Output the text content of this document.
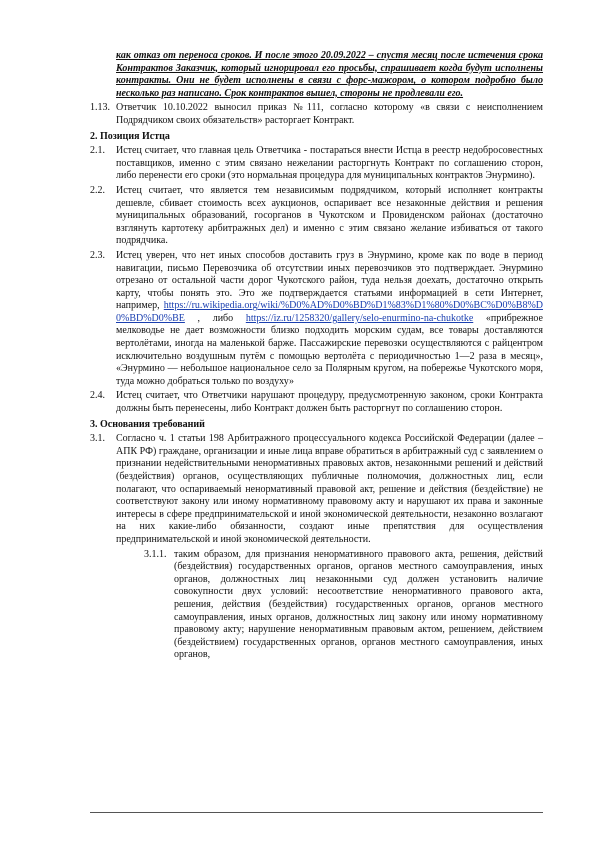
как отказ от переноса сроков. И после этого 20.09.2022 – спустя месяц после истечения срока Контрактов Заказчик, который игнорировал его просьбы, спрашивает когда будут исполнены контракты. Они не будет исполнены в связи с форс-мажором, о котором подробно было несколько раз написано. Срок контрактов вышел, стороны не продлевали его.
1.13. Ответчик 10.10.2022 выносил приказ №111, согласно которому «в связи с неисполнением Подрядчиком своих обязательств» расторгает Контракт.
2. Позиция Истца
2.1. Истец считает, что главная цель Ответчика - постараться внести Истца в реестр недобросовестных поставщиков, именно с этим связано нежелании расторгнуть Контракт по соглашению сторон, либо перенести его сроки (это нормальная процедура для муниципальных контрактов Энурмино).
2.2. Истец считает, что является тем независимым подрядчиком, который исполняет контракты дешевле, сбивает стоимость всех аукционов, оспаривает все незаконные действия и решения муниципальных образований, госорганов в Чукотском и Провиденском районах (достаточно взглянуть картотеку арбитражных дел) и именно с этим связано желание избиваться от такого подрядчика.
2.3. Истец уверен, что нет иных способов доставить груз в Энурмино, кроме как по воде в период навигации, письмо Перевозчика об отсутствии иных перевозчиков это подтверждает. Энурмино отрезано от остальной части дорог Чукотского район, туда нельзя доехать, достаточно открыть карту, чтобы понять это. Это же подтверждается статьями информацией в сети Интернет, например, https://ru.wikipedia.org/wiki/%D0%AD%D0%BD%D1%83%D1%80%D0%BC%D0%B8%D0%BD%D0%BE , либо https://iz.ru/1258320/gallery/selo-enurmino-na-chukotke «прибрежное мелководье не дает возможности близко подходить морским судам, все товары доставляются вертолётами, иногда на маленькой барже. Пассажирские перевозки осуществляются с райцентром исключительно воздушным путём с помощью вертолёта с периодичностью 1—2 раза в месяц», «Энурмино — небольшое национальное село за Полярным кругом, на побережье Чукотского моря, туда можно добраться только по воздуху»
2.4. Истец считает, что Ответчики нарушают процедуру, предусмотренную законом, сроки Контракта должны быть перенесены, либо Контракт должен быть расторгнут по соглашению сторон.
3. Основания требований
3.1. Согласно ч. 1 статьи 198 Арбитражного процессуального кодекса Российской Федерации (далее – АПК РФ) граждане, организации и иные лица вправе обратиться в арбитражный суд с заявлением о признании недействительными ненормативных правовых актов, незаконными решений и действий (бездействия) органов, осуществляющих публичные полномочия, должностных лиц, если полагают, что оспариваемый ненормативный правовой акт, решение и действия (бездействие) не соответствуют закону или иному нормативному правовому акту и нарушают их права и законные интересы в сфере предпринимательской и иной экономической деятельности, незаконно возлагают на них какие-либо обязанности, создают иные препятствия для осуществления предпринимательской и иной экономической деятельности.
3.1.1. таким образом, для признания ненормативного правового акта, решения, действий (бездействия) государственных органов, органов местного самоуправления, иных органов, должностных лиц незаконными суд должен установить наличие совокупности двух условий: несоответствие ненормативного правового акта, решения, действия (бездействия) государственных органов, органов местного самоуправления, иных органов, должностных лиц закону или иному нормативному правовому акту; нарушение ненормативным правовым актом, решением, действием (бездействием) государственных органов, органов местного самоуправления, иных органов,
